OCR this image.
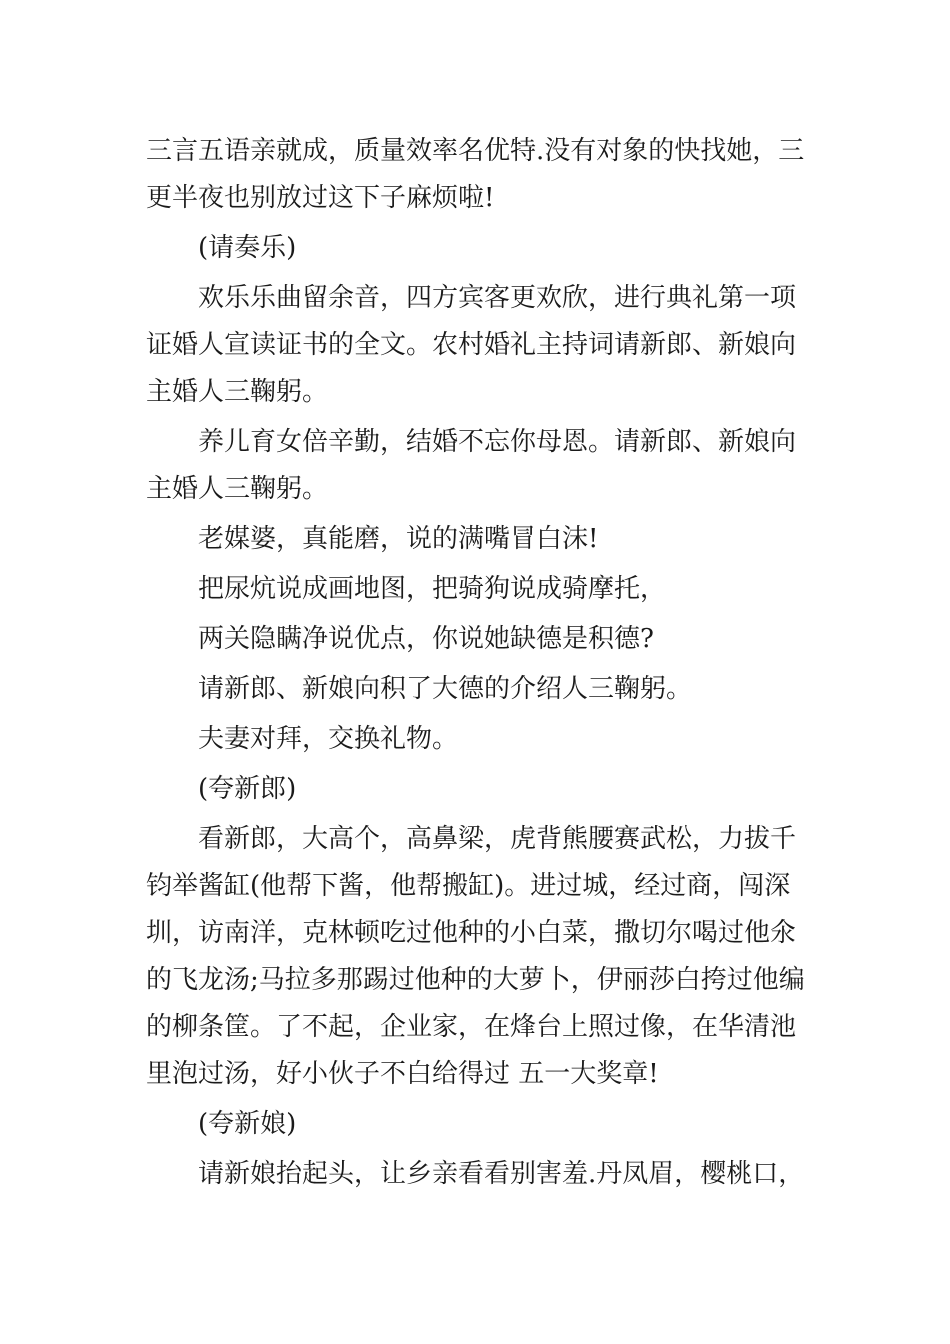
三言五语亲就成，质量效率名优特.没有对象的快找她，三
更半夜也别放过这下子麻烦啦!
(请奏乐)
欢乐乐曲留余音，四方宾客更欢欣，进行典礼第一项
证婚人宣读证书的全文。农村婚礼主持词请新郎、新娘向
主婚人三鞠躬。
养儿育女倍辛勤，结婚不忘你母恩。请新郎、新娘向
主婚人三鞠躬。
老媒婆，真能磨，说的满嘴冒白沫!
把尿炕说成画地图，把骑狗说成骑摩托，
两关隐瞒净说优点，你说她缺德是积德?
请新郎、新娘向积了大德的介绍人三鞠躬。
夫妻对拜，交换礼物。
(夸新郎)
看新郎，大高个，高鼻梁，虎背熊腰赛武松，力拔千
钧举酱缸(他帮下酱，他帮搬缸)。进过城，经过商，闯深
圳，访南洋，克林顿吃过他种的小白菜，撒切尔喝过他氽
的飞龙汤;马拉多那踢过他种的大萝卜，伊丽莎白挎过他编
的柳条筐。了不起，企业家，在烽台上照过像，在华清池
里泡过汤，好小伙子不白给得过 五一大奖章!
(夸新娘)
请新娘抬起头，让乡亲看看别害羞.丹凤眉，樱桃口，
